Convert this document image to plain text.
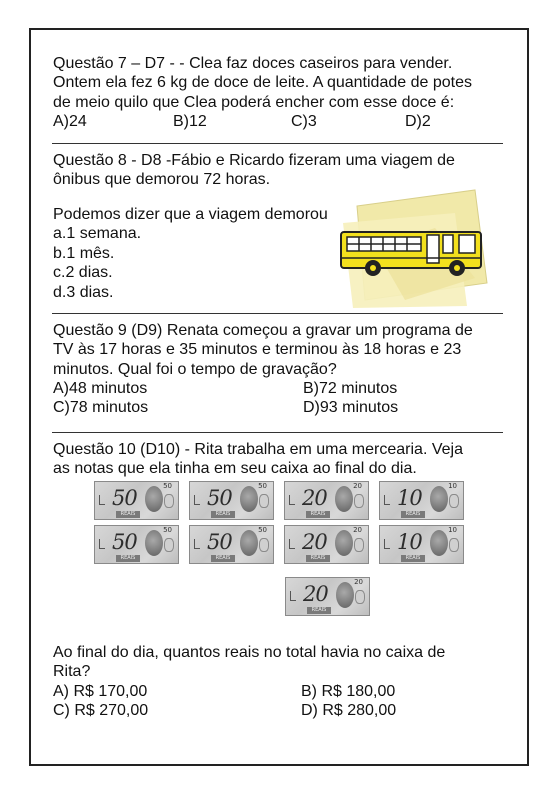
Questão 7 – D7 - - Clea faz doces caseiros para vender.
Ontem ela fez 6 kg de doce de leite. A quantidade de potes
de meio quilo que Clea poderá encher com esse doce é:
A)24	B)12	C)3	D)2
Questão 8 - D8 -Fábio e Ricardo fizeram uma viagem de
ônibus que demorou 72 horas.
Podemos dizer que a viagem demorou
a.1 semana.
b.1 mês.
c.2 dias.
d.3 dias.
Questão 9 (D9) Renata começou a gravar um programa de
TV às 17 horas e 35 minutos e terminou às 18 horas e 23
minutos. Qual foi o tempo de gravação?
A)48 minutos	B)72 minutos
C)78 minutos	D)93 minutos
Questão 10 (D10) - Rita trabalha em uma mercearia. Veja
as notas que ela tinha em seu caixa ao final do dia.
50	50
REAIS
50	50
REAIS
20	20
REAIS
10	10
REAIS
50	50
REAIS
50	50
REAIS
20	20
REAIS
10	10
REAIS
20	20
REAIS
Ao final do dia, quantos reais no total havia no caixa de
Rita?
A) R$ 170,00	B) R$ 180,00
C) R$ 270,00	D) R$ 280,00
